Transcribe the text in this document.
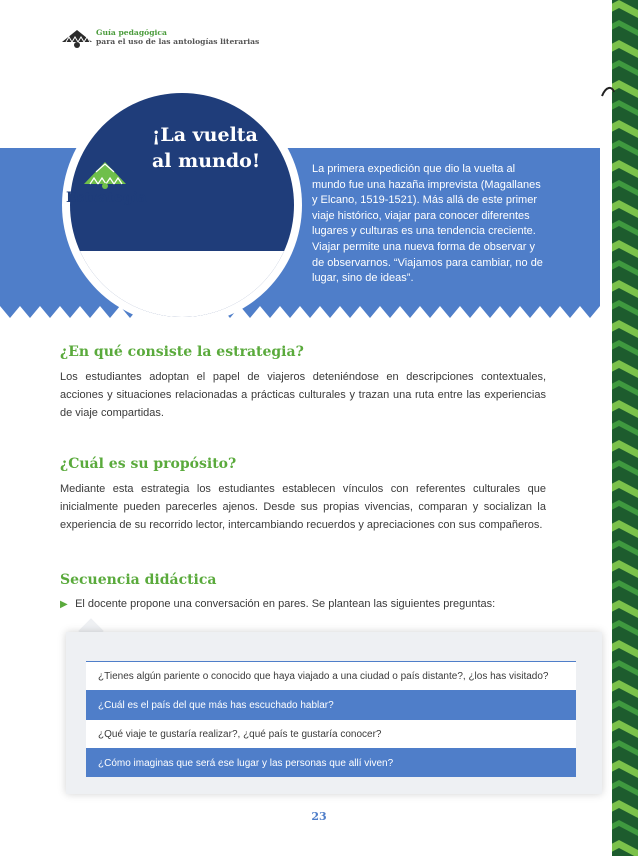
Guía pedagógica
para el uso de las antologías literarias
¡La vuelta
al mundo!
Estrategia
La primera expedición que dio la vuelta al mundo fue una hazaña imprevista (Magallanes y Elcano, 1519-1521). Más allá de este primer viaje histórico, viajar para conocer diferentes lugares y culturas es una tendencia creciente. Viajar permite una nueva forma de observar y de observarnos. “Viajamos para cambiar, no de lugar, sino de ideas”.
¿En qué consiste la estrategia?
Los estudiantes adoptan el papel de viajeros deteniéndose en descripciones contextuales, acciones y situaciones relacionadas a prácticas culturales y trazan una ruta entre las experiencias de viaje compartidas.
¿Cuál es su propósito?
Mediante esta estrategia los estudiantes establecen vínculos con referentes culturales que inicialmente pueden parecerles ajenos. Desde sus propias vivencias, comparan y socializan la experiencia de su recorrido lector, intercambiando recuerdos y apreciaciones con sus compañeros.
Secuencia didáctica
▶ El docente propone una conversación en pares. Se plantean las siguientes preguntas:
¿Tienes algún pariente o conocido que haya viajado a una ciudad o país distante?, ¿los has visitado?
¿Cuál es el país del que más has escuchado hablar?
¿Qué viaje te gustaría realizar?, ¿qué país te gustaría conocer?
¿Cómo imaginas que será ese lugar y las personas que allí viven?
23
